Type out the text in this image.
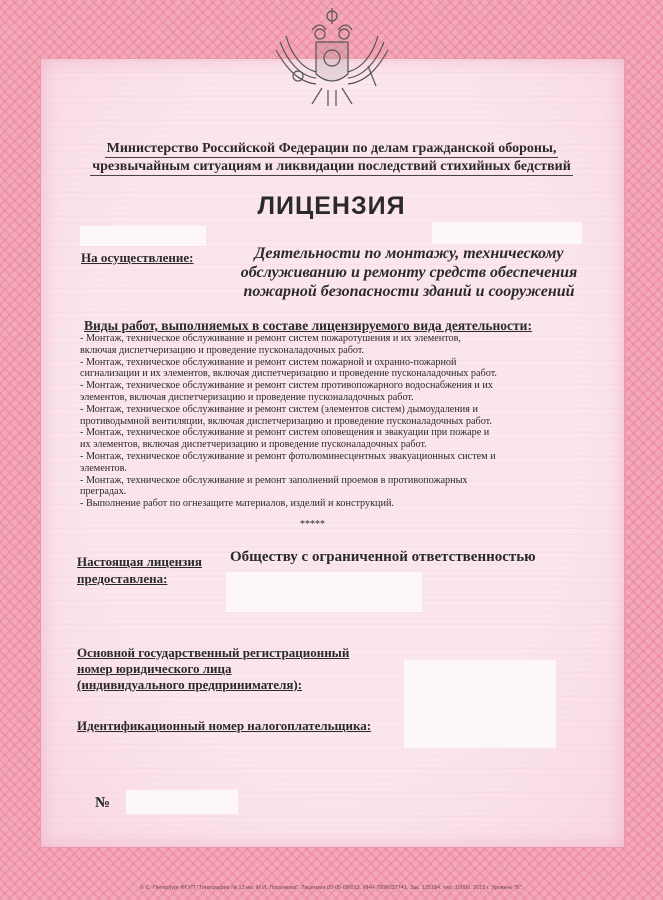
Министерство Российской Федерации по делам гражданской обороны,
чрезвычайным ситуациям и ликвидации последствий стихийных бедствий
ЛИЦЕНЗИЯ
На осуществление:	Деятельности по монтажу, техническому
обслуживанию и ремонту средств обеспечения
пожарной безопасности зданий и сооружений
Виды работ, выполняемых в составе лицензируемого вида деятельности:
- Монтаж, техническое обслуживание и ремонт систем пожаротушения и их элементов,
включая диспетчеризацию и проведение пусконаладочных работ.
- Монтаж, техническое обслуживание и ремонт систем пожарной и охранно-пожарной
сигнализации и их элементов, включая диспетчеризацию и проведение пусконаладочных работ.
- Монтаж, техническое обслуживание и ремонт систем противопожарного водоснабжения и их
элементов, включая диспетчеризацию и проведение пусконаладочных работ.
- Монтаж, техническое обслуживание и ремонт систем (элементов систем) дымоудаления и
противодымной вентиляции, включая диспетчеризацию и проведение пусконаладочных работ.
- Монтаж, техническое обслуживание и ремонт систем оповещения и эвакуации при пожаре и
их элементов, включая диспетчеризацию и проведение пусконаладочных работ.
- Монтаж, техническое обслуживание и ремонт фотолюминесцентных эвакуационных систем и
элементов.
- Монтаж, техническое обслуживание и ремонт заполнений проемов в противопожарных
преградах.
- Выполнение работ по огнезащите материалов, изделий и конструкций.
*****
Настоящая лицензия
предоставлена:
Обществу с ограниченной ответственностью
Основной государственный регистрационный
номер юридического лица
(индивидуального предпринимателя):
Идентификационный номер налогоплательщика:
№
© С.-Петербург ФГУП "Типография № 12 им. М.И. Лоханкова". Лицензия 05-05-09/013. ИНН 7806037741. Зак. 135184. тир. 10000. 2012 г. Уровень "Б".
